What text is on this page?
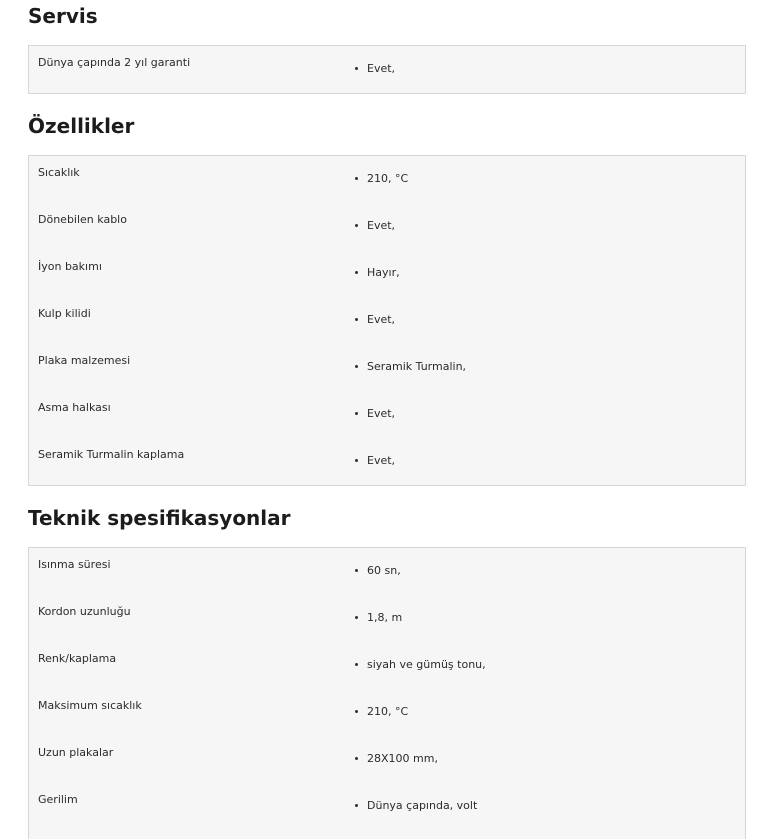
Servis
Dünya çapında 2 yıl garanti	Evet,
Özellikler
Sıcaklık	210, °C
Dönebilen kablo	Evet,
İyon bakımı	Hayır,
Kulp kilidi	Evet,
Plaka malzemesi	Seramik Turmalin,
Asma halkası	Evet,
Seramik Turmalin kaplama	Evet,
Teknik spesifikasyonlar
Isınma süresi	60 sn,
Kordon uzunluğu	1,8, m
Renk/kaplama	siyah ve gümüş tonu,
Maksimum sıcaklık	210, °C
Uzun plakalar	28X100 mm,
Gerilim	Dünya çapında, volt
